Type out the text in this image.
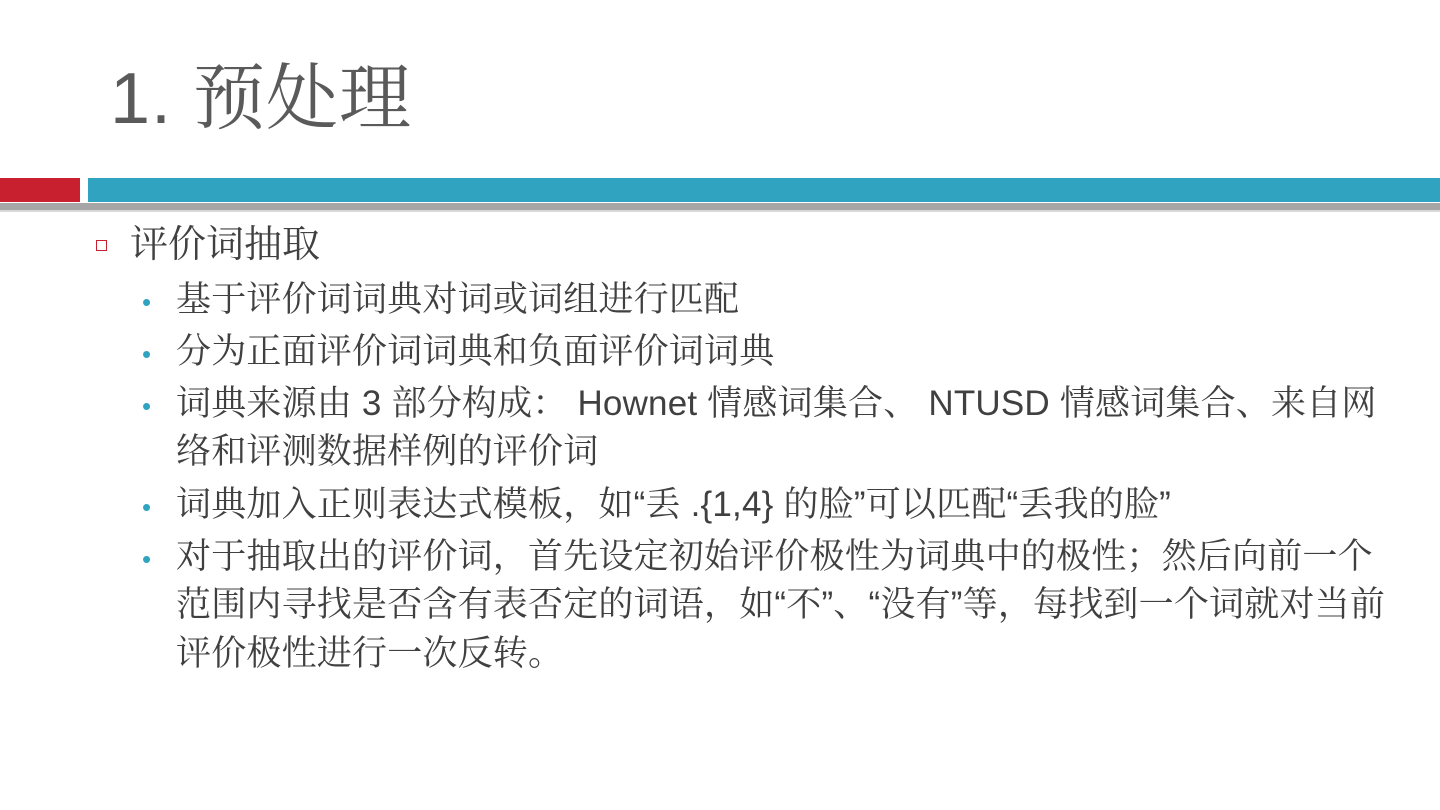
1. 预处理
评价词抽取
• 基于评价词词典对词或词组进行匹配
• 分为正面评价词词典和负面评价词词典
• 词典来源由 3 部分构成： Hownet 情感词集合、 NTUSD 情感词集合、来自网络和评测数据样例的评价词
• 词典加入正则表达式模板，如“丢 .{1,4} 的脸”可以匹配“丢我的脸”
• 对于抽取出的评价词，首先设定初始评价极性为词典中的极性；然后向前一个范围内寻找是否含有表否定的词语，如“不”、“没有”等，每找到一个词就对当前评价极性进行一次反转。
